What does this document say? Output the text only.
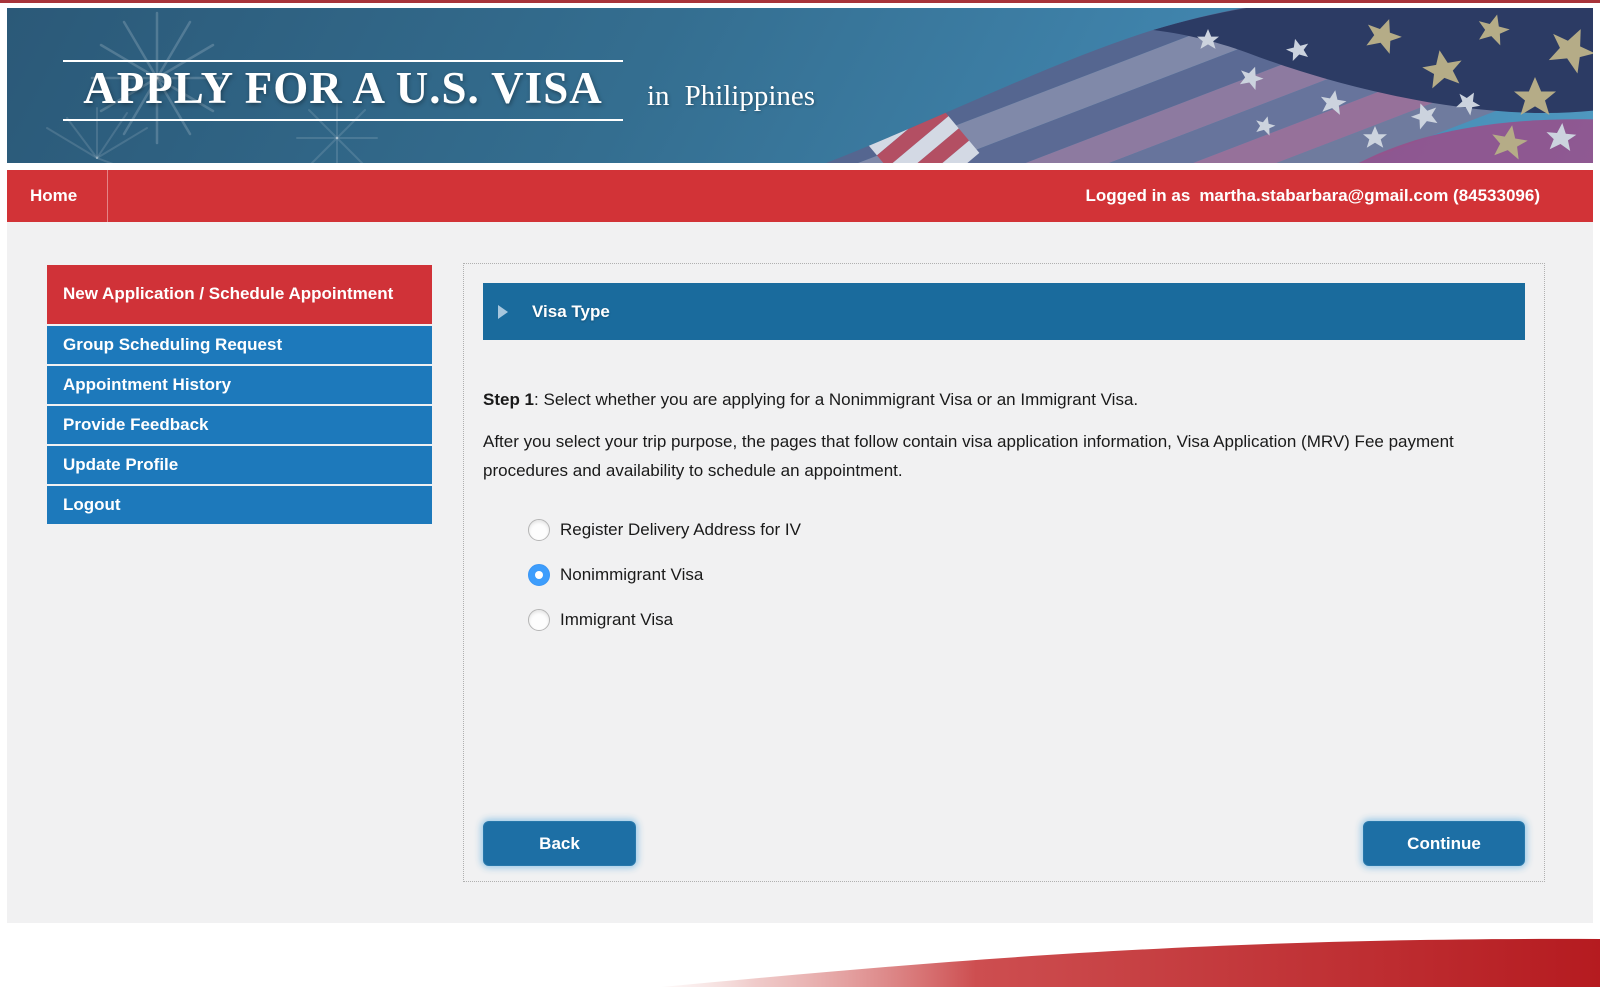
APPLY FOR A U.S. VISA	in Philippines
Home	Logged in as martha.stabarbara@gmail.com (84533096)
New Application / Schedule Appointment
Group Scheduling Request
Appointment History
Provide Feedback
Update Profile
Logout
Visa Type

Step 1: Select whether you are applying for a Nonimmigrant Visa or an Immigrant Visa.

After you select your trip purpose, the pages that follow contain visa application information, Visa Application (MRV) Fee payment procedures and availability to schedule an appointment.

Register Delivery Address for IV
Nonimmigrant Visa
Immigrant Visa
Back	Continue
